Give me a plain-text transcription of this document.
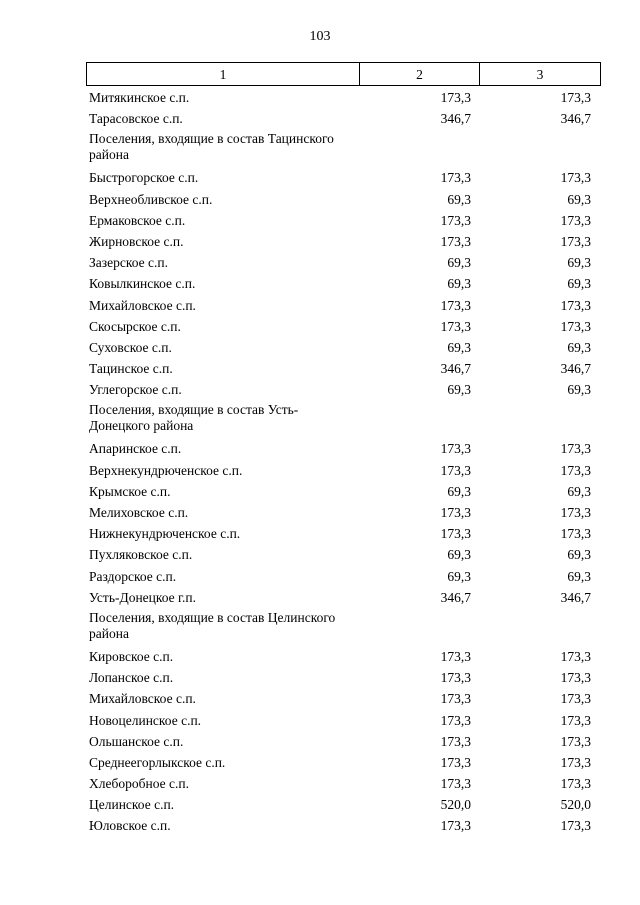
103
1	2	3
Митякинское с.п.	173,3	173,3
Тарасовское с.п.	346,7	346,7
Поселения, входящие в состав Тацинского района
Быстрогорское с.п.	173,3	173,3
Верхнеобливское с.п.	69,3	69,3
Ермаковское с.п.	173,3	173,3
Жирновское с.п.	173,3	173,3
Зазерское с.п.	69,3	69,3
Ковылкинское с.п.	69,3	69,3
Михайловское с.п.	173,3	173,3
Скосырское с.п.	173,3	173,3
Суховское с.п.	69,3	69,3
Тацинское с.п.	346,7	346,7
Углегорское с.п.	69,3	69,3
Поселения, входящие в состав Усть-Донецкого района
Апаринское с.п.	173,3	173,3
Верхнекундрюченское с.п.	173,3	173,3
Крымское с.п.	69,3	69,3
Мелиховское с.п.	173,3	173,3
Нижнекундрюченское с.п.	173,3	173,3
Пухляковское с.п.	69,3	69,3
Раздорское с.п.	69,3	69,3
Усть-Донецкое г.п.	346,7	346,7
Поселения, входящие в состав Целинского района
Кировское с.п.	173,3	173,3
Лопанское с.п.	173,3	173,3
Михайловское с.п.	173,3	173,3
Новоцелинское с.п.	173,3	173,3
Ольшанское с.п.	173,3	173,3
Среднеегорлыкское с.п.	173,3	173,3
Хлеборобное с.п.	173,3	173,3
Целинское с.п.	520,0	520,0
Юловское с.п.	173,3	173,3
